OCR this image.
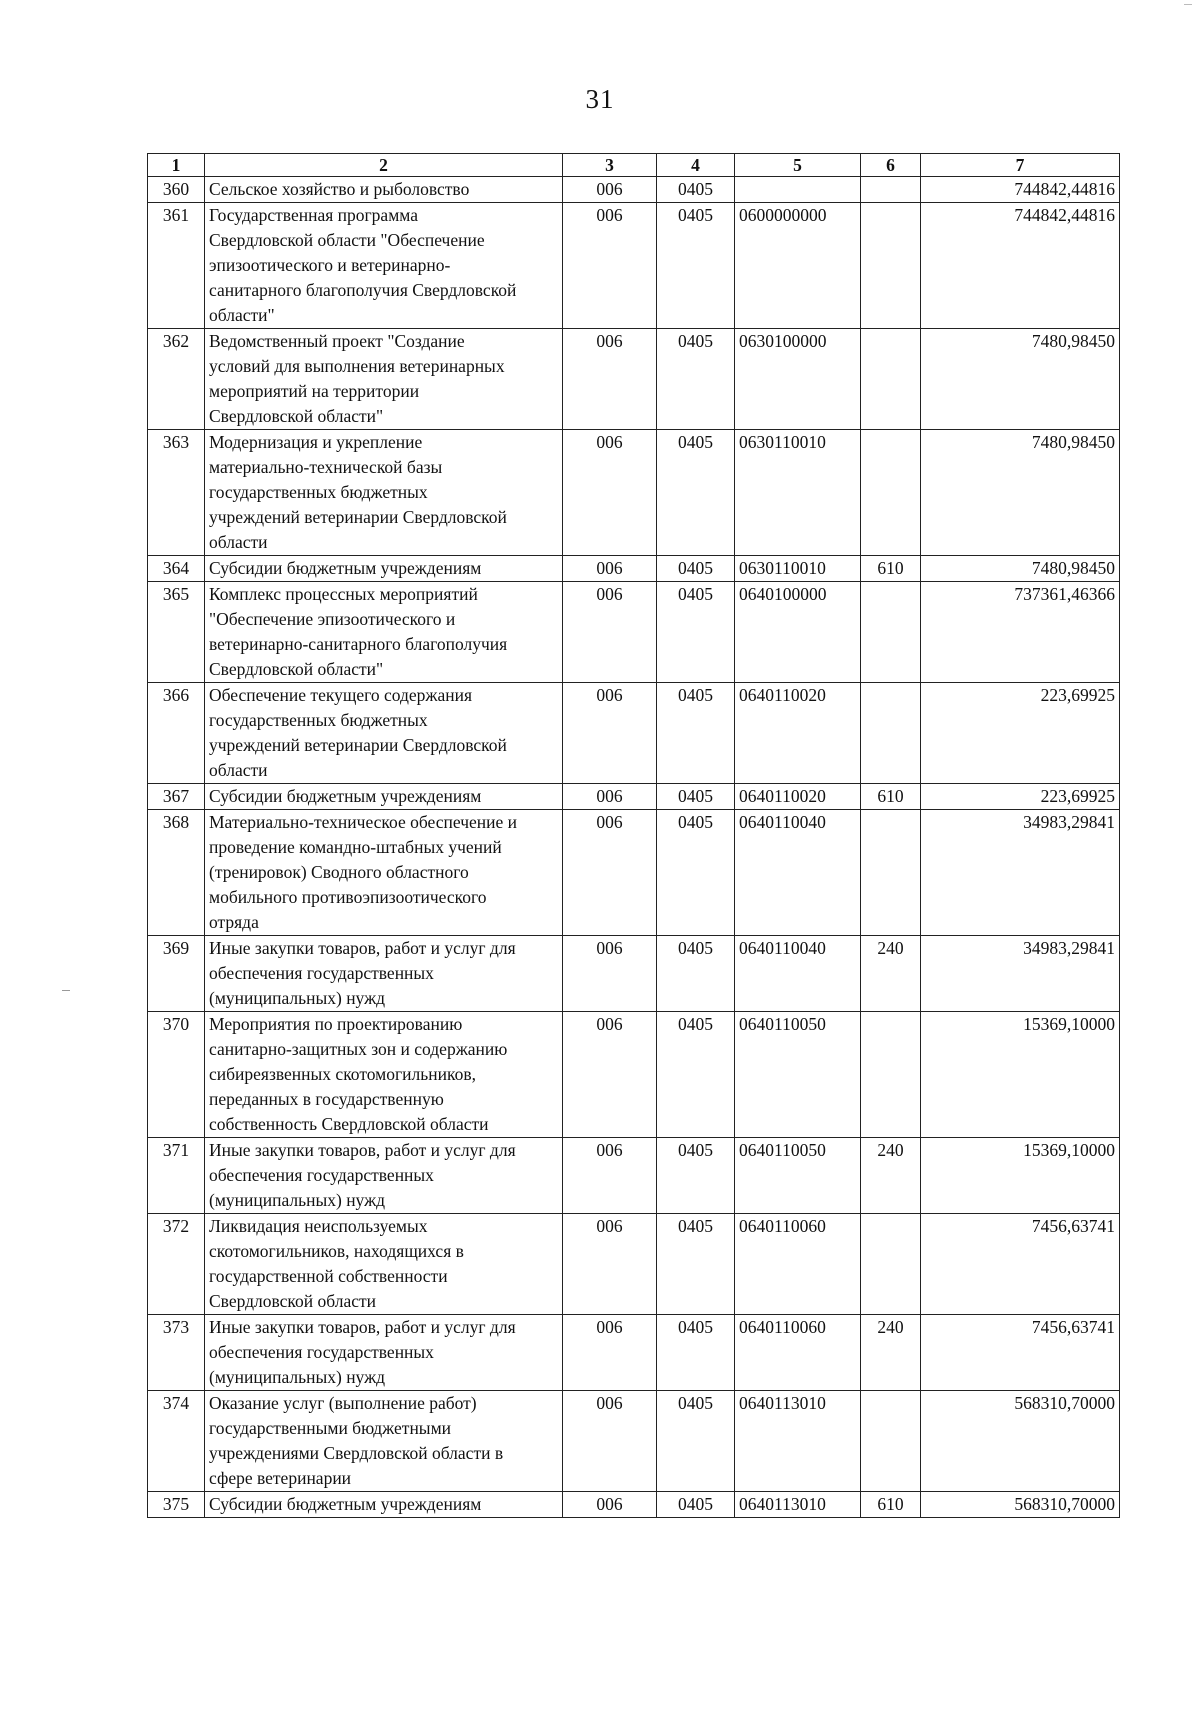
31
1	2	3	4	5	6	7
360	Сельское хозяйство и рыболовство	006	0405			744842,44816
361	Государственная программа
Свердловской области "Обеспечение
эпизоотического и ветеринарно-
санитарного благополучия Свердловской
области"	006	0405	0600000000		744842,44816
362	Ведомственный проект "Создание
условий для выполнения ветеринарных
мероприятий на территории
Свердловской области"	006	0405	0630100000		7480,98450
363	Модернизация и укрепление
материально-технической базы
государственных бюджетных
учреждений ветеринарии Свердловской
области	006	0405	0630110010		7480,98450
364	Субсидии бюджетным учреждениям	006	0405	0630110010	610	7480,98450
365	Комплекс процессных мероприятий
"Обеспечение эпизоотического и
ветеринарно-санитарного благополучия
Свердловской области"	006	0405	0640100000		737361,46366
366	Обеспечение текущего содержания
государственных бюджетных
учреждений ветеринарии Свердловской
области	006	0405	0640110020		223,69925
367	Субсидии бюджетным учреждениям	006	0405	0640110020	610	223,69925
368	Материально-техническое обеспечение и
проведение командно-штабных учений
(тренировок) Сводного областного
мобильного противоэпизоотического
отряда	006	0405	0640110040		34983,29841
369	Иные закупки товаров, работ и услуг для
обеспечения государственных
(муниципальных) нужд	006	0405	0640110040	240	34983,29841
370	Мероприятия по проектированию
санитарно-защитных зон и содержанию
сибиреязвенных скотомогильников,
переданных в государственную
собственность Свердловской области	006	0405	0640110050		15369,10000
371	Иные закупки товаров, работ и услуг для
обеспечения государственных
(муниципальных) нужд	006	0405	0640110050	240	15369,10000
372	Ликвидация неиспользуемых
скотомогильников, находящихся в
государственной собственности
Свердловской области	006	0405	0640110060		7456,63741
373	Иные закупки товаров, работ и услуг для
обеспечения государственных
(муниципальных) нужд	006	0405	0640110060	240	7456,63741
374	Оказание услуг (выполнение работ)
государственными бюджетными
учреждениями Свердловской области в
сфере ветеринарии	006	0405	0640113010		568310,70000
375	Субсидии бюджетным учреждениям	006	0405	0640113010	610	568310,70000
